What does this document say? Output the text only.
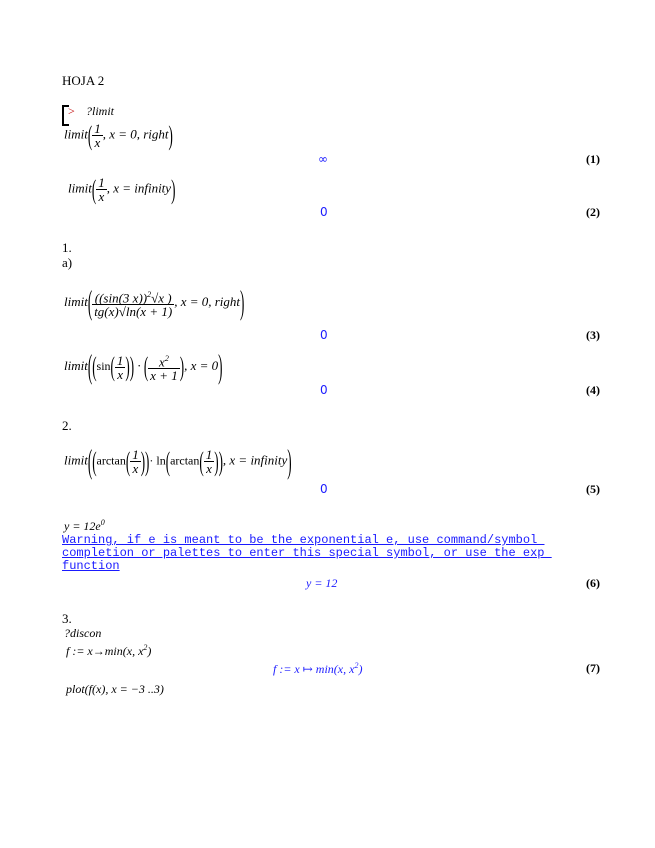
HOJA 2
> ?limit
limit( $\frac{1}{x}$ , x = 0, right)
∞	(1)
limit( $\frac{1}{x}$ , x = infinity)
0	(2)
1.
a)
limit( $\frac{((\sin(3 x))^2√x )}{tg(x)√\ln(x + 1)}$ , x = 0, right)
0	(3)
limit((sin( $\frac{1}{x}$ )) · ( $\frac{x^2}{x + 1}$ ), x = 0)
0	(4)
2.
limit((arctan( $\frac{1}{x}$ ))· $\ln(\arctan( \frac{1}{x}$ )), x = infinity)
0	(5)
$y = 12e^0$
Warning, if e is meant to be the exponential e, use command/symbol
completion or palettes to enter this special symbol, or use the exp
function
y = 12	(6)
3.
?discon
f := x→min(x, $x^2$)
f := x ↦ min(x, $x^2$)	(7)
plot(f(x), x = −3 ..3)
